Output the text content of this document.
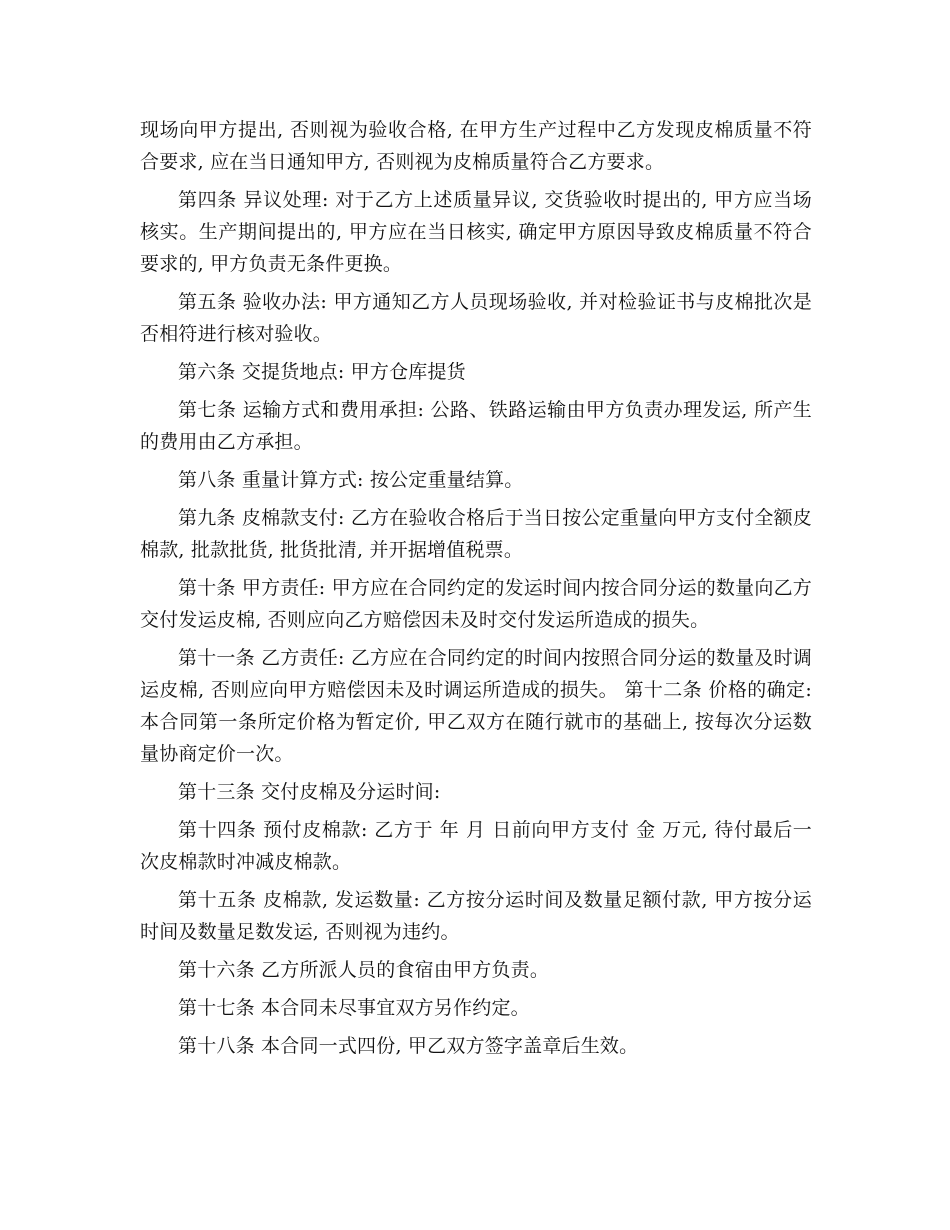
现场向甲方提出, 否则视为验收合格, 在甲方生产过程中乙方发现皮棉质量不符合要求, 应在当日通知甲方, 否则视为皮棉质量符合乙方要求。

第四条 异议处理: 对于乙方上述质量异议, 交货验收时提出的, 甲方应当场核实。生产期间提出的, 甲方应在当日核实, 确定甲方原因导致皮棉质量不符合要求的, 甲方负责无条件更换。

第五条 验收办法: 甲方通知乙方人员现场验收, 并对检验证书与皮棉批次是否相符进行核对验收。

第六条 交提货地点: 甲方仓库提货

第七条 运输方式和费用承担: 公路、铁路运输由甲方负责办理发运, 所产生的费用由乙方承担。

第八条 重量计算方式: 按公定重量结算。

第九条 皮棉款支付: 乙方在验收合格后于当日按公定重量向甲方支付全额皮棉款, 批款批货, 批货批清, 并开据增值税票。

第十条 甲方责任: 甲方应在合同约定的发运时间内按合同分运的数量向乙方交付发运皮棉, 否则应向乙方赔偿因未及时交付发运所造成的损失。

第十一条 乙方责任: 乙方应在合同约定的时间内按照合同分运的数量及时调运皮棉, 否则应向甲方赔偿因未及时调运所造成的损失。 第十二条 价格的确定: 本合同第一条所定价格为暂定价, 甲乙双方在随行就市的基础上, 按每次分运数量协商定价一次。

第十三条 交付皮棉及分运时间:

第十四条 预付皮棉款: 乙方于 年 月 日前向甲方支付 金 万元, 待付最后一次皮棉款时冲减皮棉款。

第十五条 皮棉款, 发运数量: 乙方按分运时间及数量足额付款, 甲方按分运时间及数量足数发运, 否则视为违约。

第十六条 乙方所派人员的食宿由甲方负责。

第十七条 本合同未尽事宜双方另作约定。

第十八条 本合同一式四份, 甲乙双方签字盖章后生效。
